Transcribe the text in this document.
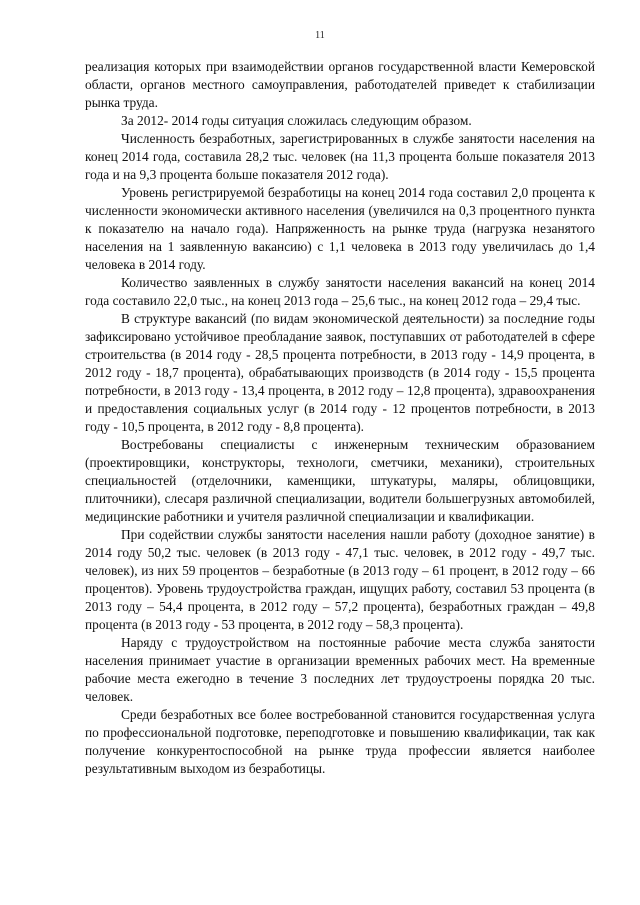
11

реализация которых при взаимодействии органов государственной власти Кемеровской области, органов местного самоуправления, работодателей приведет к стабилизации рынка труда.

За 2012- 2014 годы ситуация сложилась следующим образом.

Численность безработных, зарегистрированных в службе занятости населения на конец 2014 года, составила 28,2 тыс. человек (на 11,3 процента больше показателя 2013 года и на 9,3 процента больше показателя 2012 года).

Уровень регистрируемой безработицы на конец 2014 года составил 2,0 процента к численности экономически активного населения (увеличился на 0,3 процентного пункта к показателю на начало года). Напряженность на рынке труда (нагрузка незанятого населения на 1 заявленную вакансию) с 1,1 человека в 2013 году увеличилась до 1,4 человека в 2014 году.

Количество заявленных в службу занятости населения вакансий на конец 2014 года составило 22,0 тыс., на конец 2013 года – 25,6 тыс., на конец 2012 года – 29,4 тыс.

В структуре вакансий (по видам экономической деятельности) за последние годы зафиксировано устойчивое преобладание заявок, поступавших от работодателей в сфере строительства (в 2014 году - 28,5 процента потребности, в 2013 году - 14,9 процента, в 2012 году - 18,7 процента), обрабатывающих производств (в 2014 году - 15,5 процента потребности, в 2013 году - 13,4 процента, в 2012 году – 12,8 процента), здравоохранения и предоставления социальных услуг (в 2014 году - 12 процентов потребности, в 2013 году - 10,5 процента, в 2012 году - 8,8 процента).

Востребованы специалисты с инженерным техническим образованием (проектировщики, конструкторы, технологи, сметчики, механики), строительных специальностей (отделочники, каменщики, штукатуры, маляры, облицовщики, плиточники), слесаря различной специализации, водители большегрузных автомобилей, медицинские работники и учителя различной специализации и квалификации.

При содействии службы занятости населения нашли работу (доходное занятие) в 2014 году 50,2 тыс. человек (в 2013 году - 47,1 тыс. человек, в 2012 году - 49,7 тыс. человек), из них 59 процентов – безработные (в 2013 году – 61 процент, в 2012 году – 66 процентов). Уровень трудоустройства граждан, ищущих работу, составил 53 процента (в 2013 году – 54,4 процента, в 2012 году – 57,2 процента), безработных граждан – 49,8 процента (в 2013 году - 53 процента, в 2012 году – 58,3 процента).

Наряду с трудоустройством на постоянные рабочие места служба занятости населения принимает участие в организации временных рабочих мест. На временные рабочие места ежегодно в течение 3 последних лет трудоустроены порядка 20 тыс. человек.

Среди безработных все более востребованной становится государственная услуга по профессиональной подготовке, переподготовке и повышению квалификации, так как получение конкурентоспособной на рынке труда профессии является наиболее результативным выходом из безработицы.
